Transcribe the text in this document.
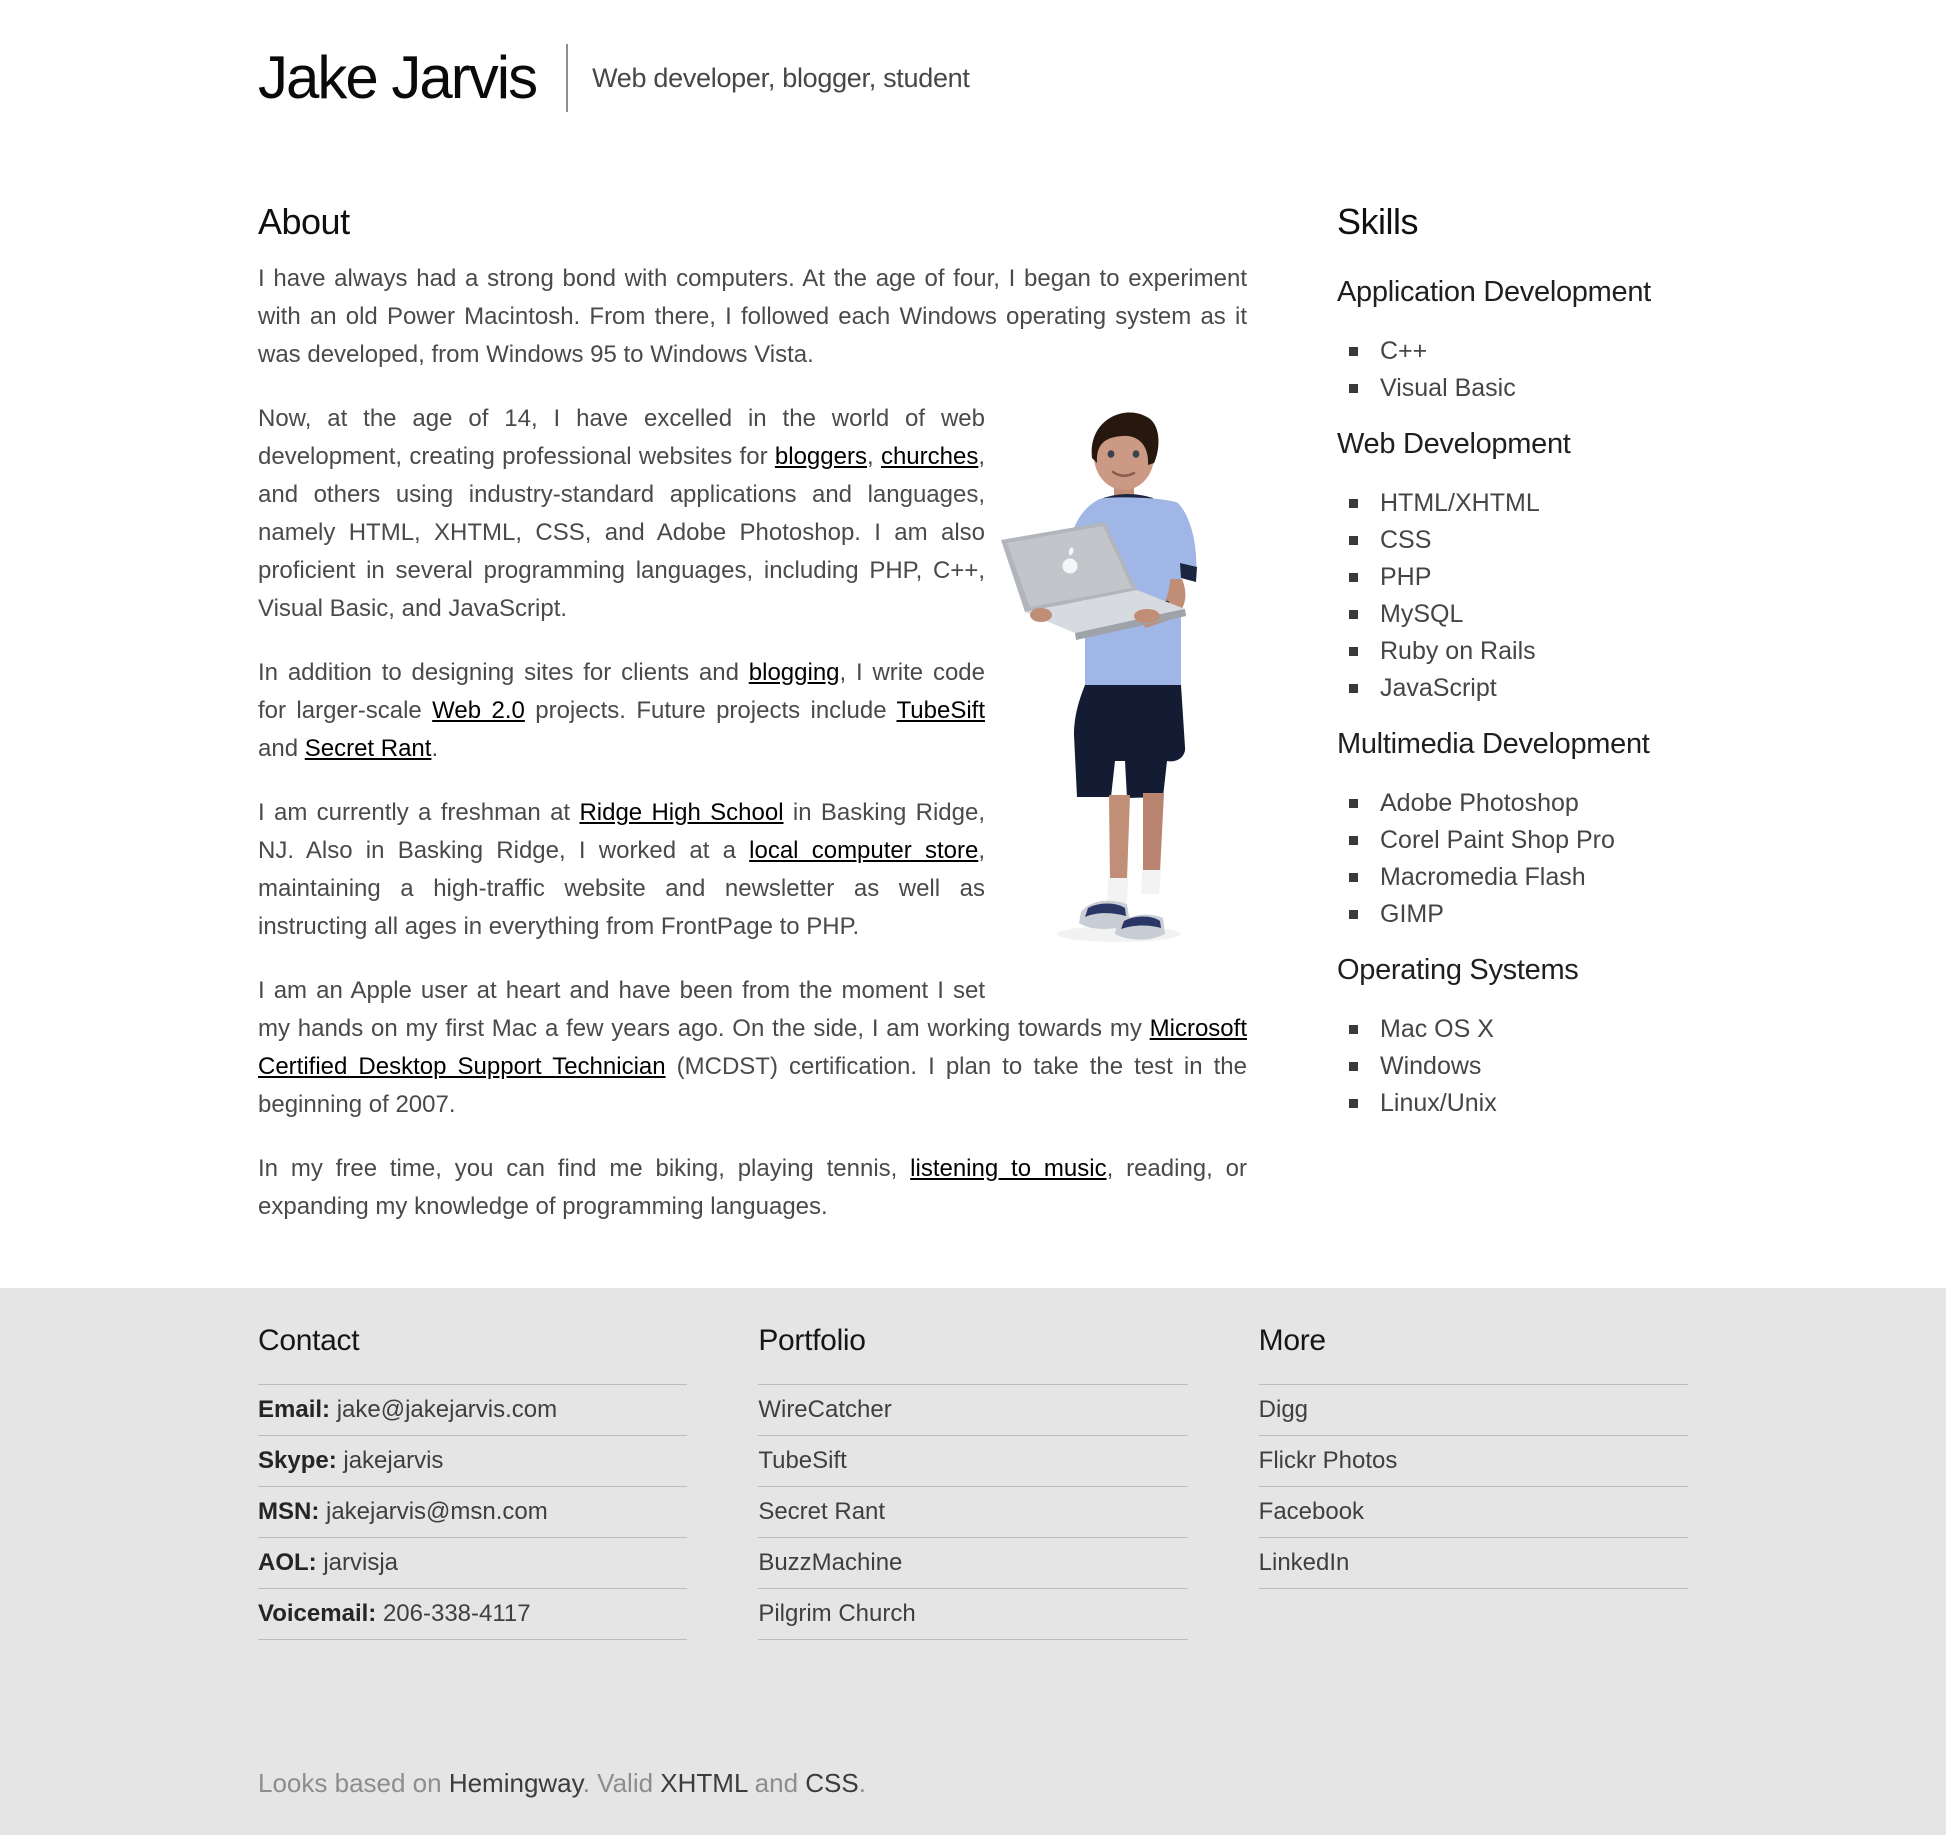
Jake Jarvis Web developer, blogger, student
About

I have always had a strong bond with computers. At the age of four, I began to experiment with an old Power Macintosh. From there, I followed each Windows operating system as it was developed, from Windows 95 to Windows Vista.

Now, at the age of 14, I have excelled in the world of web development, creating professional websites for bloggers, churches, and others using industry-standard applications and languages, namely HTML, XHTML, CSS, and Adobe Photoshop. I am also proficient in several programming languages, including PHP, C++, Visual Basic, and JavaScript.

In addition to designing sites for clients and blogging, I write code for larger-scale Web 2.0 projects. Future projects include TubeSift and Secret Rant.

I am currently a freshman at Ridge High School in Basking Ridge, NJ. Also in Basking Ridge, I worked at a local computer store, maintaining a high-traffic website and newsletter as well as instructing all ages in everything from FrontPage to PHP.

I am an Apple user at heart and have been from the moment I set my hands on my first Mac a few years ago. On the side, I am working towards my Microsoft Certified Desktop Support Technician (MCDST) certification. I plan to take the test in the beginning of 2007.

In my free time, you can find me biking, playing tennis, listening to music, reading, or expanding my knowledge of programming languages.

Skills
Application Development
C++
Visual Basic
Web Development
HTML/XHTML
CSS
PHP
MySQL
Ruby on Rails
JavaScript
Multimedia Development
Adobe Photoshop
Corel Paint Shop Pro
Macromedia Flash
GIMP
Operating Systems
Mac OS X
Windows
Linux/Unix
Contact
Email: jake@jakejarvis.com
Skype: jakejarvis
MSN: jakejarvis@msn.com
AOL: jarvisja
Voicemail: 206-338-4117
Portfolio
WireCatcher
TubeSift
Secret Rant
BuzzMachine
Pilgrim Church
More
Digg
Flickr Photos
Facebook
LinkedIn

Looks based on Hemingway. Valid XHTML and CSS.
